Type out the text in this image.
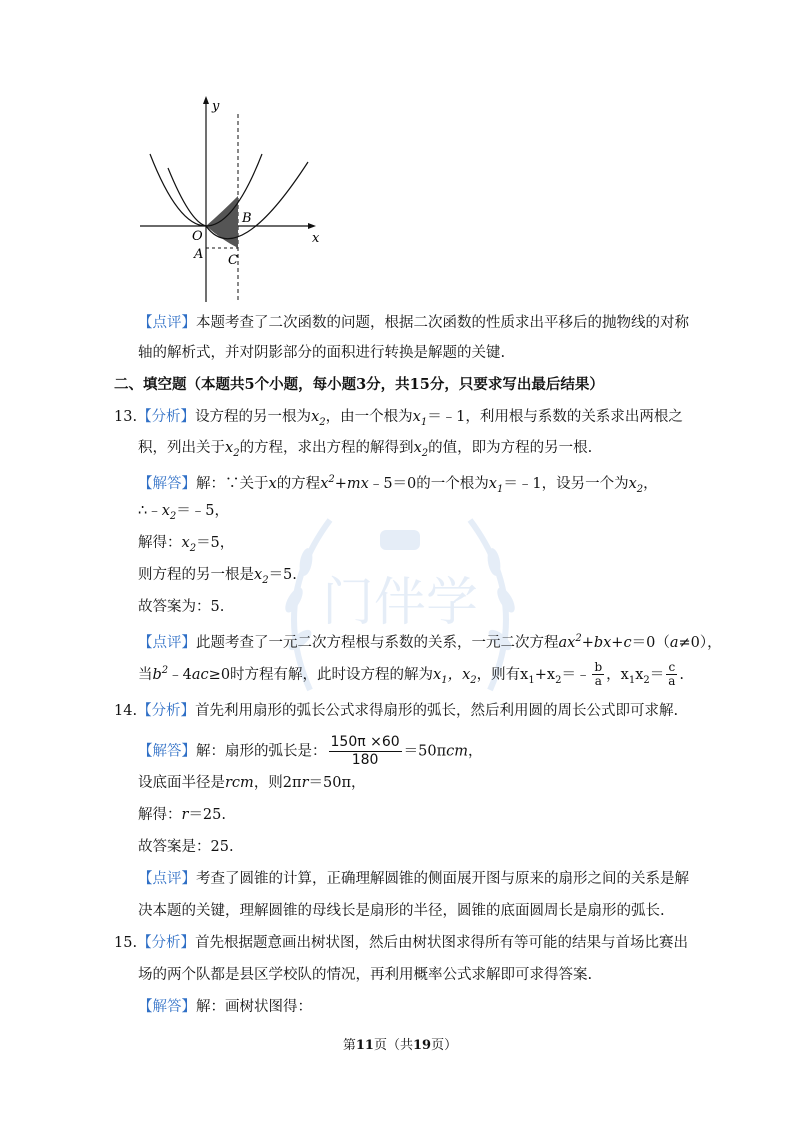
门伴学
y
x
O
A
B
C
【点评】本题考查了二次函数的问题，根据二次函数的性质求出平移后的抛物线的对称
轴的解析式，并对阴影部分的面积进行转换是解题的关键.
二、填空题（本题共5个小题，每小题3分，共15分，只要求写出最后结果）
13.【分析】设方程的另一根为$x_2$，由一个根为$x_1=﹣1$，利用根与系数的关系求出两根之
积，列出关于$x_2$的方程，求出方程的解得到$x_2$的值，即为方程的另一根.
【解答】解：∵关于x的方程$x^2+mx﹣5=0$的一个根为$x_1=﹣1$，设另一个为$x_2$，
$\therefore﹣x_2=﹣5$，
解得：$x_2=5$，
则方程的另一根是$x_2=5$.
故答案为：5.
【点评】此题考查了一元二次方程根与系数的关系，一元二次方程$ax^2+bx+c=0(a\ne 0)$，
当$b^2﹣4ac\ge 0$时方程有解，此时设方程的解为$x_1$，$x_2$，则有$x_1+x_2=﹣ \frac{b}{a}$ ，$x_1x_2= \frac{c}{a}$ .
14.【分析】首先利用扇形的弧长公式求得扇形的弧长，然后利用圆的周长公式即可求解.
【解答】解：扇形的弧长是： $\frac{150\pi \times 60}{180} =50\pi cm$，
设底面半径是rcm，则2πr＝50π，
解得：r＝25.
故答案是：25.
【点评】考查了圆锥的计算，正确理解圆锥的侧面展开图与原来的扇形之间的关系是解
决本题的关键，理解圆锥的母线长是扇形的半径，圆锥的底面圆周长是扇形的弧长.
15.【分析】首先根据题意画出树状图，然后由树状图求得所有等可能的结果与首场比赛出
场的两个队都是县区学校队的情况，再利用概率公式求解即可求得答案.
【解答】解：画树状图得：
第11页（共19页）
